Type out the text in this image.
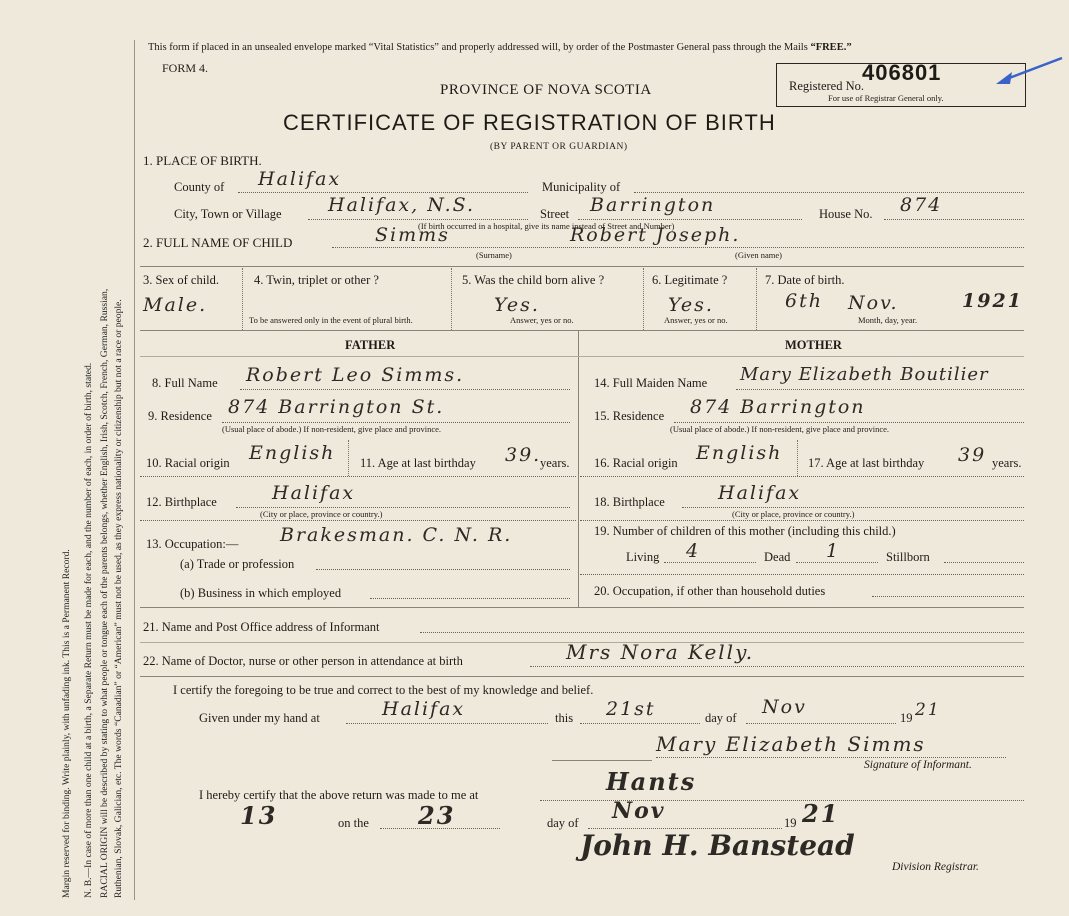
Margin reserved for binding. Write plainly, with unfading ink. This is a Permanent Record. N. B.—In case of more than one child at a birth, a Separate Return must be made for each, and the number of each, in order of birth, stated. RACIAL ORIGIN will be described by stating to what people or tongue each of the parents belongs, whether English, Irish, Scotch, French, German, Russian, Ruthenian, Slovak, Galician, etc. The words “Canadian” or “American” must not be used, as they express nationality or citizenship but not a race or people.
This form if placed in an unsealed envelope marked “Vital Statistics” and properly addressed will, by order of the Postmaster General pass through the Mails “FREE.”
FORM 4.
PROVINCE OF NOVA SCOTIA
CERTIFICATE OF REGISTRATION OF BIRTH
(BY PARENT OR GUARDIAN)
Registered No.
406801
For use of Registrar General only.
1. PLACE OF BIRTH.
County of Halifax	Municipality of
City, Town or Village Halifax, N.S.	Street Barrington	House No. 874
(If birth occurred in a hospital, give its name instead of Street and Number)
2. FULL NAME OF CHILD	Simms	Robert Joseph.
(Surname)	(Given name)
3. Sex of child.
Male.
4. Twin, triplet or other ?
To be answered only in the event of plural birth.
5. Was the child born alive ?
Yes.
Answer, yes or no.
6. Legitimate ?
Yes.
Answer, yes or no.
7. Date of birth.
6th Nov.	1921
Month, day, year.
FATHER	MOTHER
8. Full Name Robert Leo Simms.
9. Residence 874 Barrington St.
(Usual place of abode.) If non-resident, give place and province.
10. Racial origin English 11. Age at last birthday 39.
years.
12. Birthplace	Halifax
(City or place, province or country.)
13. Occupation:— Brakesman. C. N. R.
(a) Trade or profession
(b) Business in which employed
14. Full Maiden Name Mary Elizabeth Boutilier
15. Residence 874 Barrington
(Usual place of abode.) If non-resident, give place and province.
16. Racial origin English 17. Age at last birthday 39 years.
18. Birthplace	Halifax
(City or place, province or country.)
19. Number of children of this mother (including this child.)
Living 4	Dead 1	Stillborn
20. Occupation, if other than household duties
21. Name and Post Office address of Informant
22. Name of Doctor, nurse or other person in attendance at birth	Mrs Nora Kelly.
I certify the foregoing to be true and correct to the best of my knowledge and belief.
Given under my hand at	Halifax	this 21st	day of Nov	19 21
Mary Elizabeth Simms
Signature of Informant.
I hereby certify that the above return was made to me at	Hants
13	on the 23	day of Nov	19 21
John H. Banstead
Division Registrar.
